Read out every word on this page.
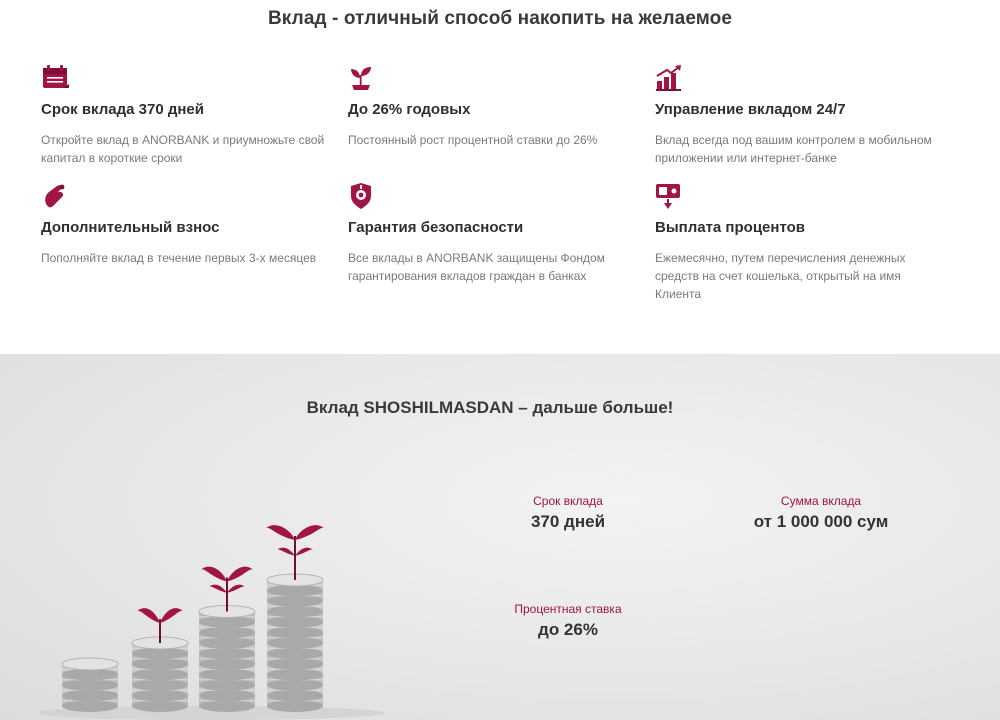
Вклад - отличный способ накопить на желаемое
Срок вклада 370 дней
Откройте вклад в ANORBANK и приумножьте свой капитал в короткие сроки
До 26% годовых
Постоянный рост процентной ставки до 26%
Управление вкладом 24/7
Вклад всегда под вашим контролем в мобильном приложении или интернет-банке
Дополнительный взнос
Пополняйте вклад в течение первых 3-х месяцев
Гарантия безопасности
Все вклады в ANORBANK защищены Фондом гарантирования вкладов граждан в банках
Выплата процентов
Ежемесячно, путем перечисления денежных средств на счет кошелька, открытый на имя Клиента
Вклад SHOSHILMASDAN – дальше больше!
Срок вклада
370 дней
Сумма вклада
от 1 000 000 сум
Процентная ставка
до 26%
